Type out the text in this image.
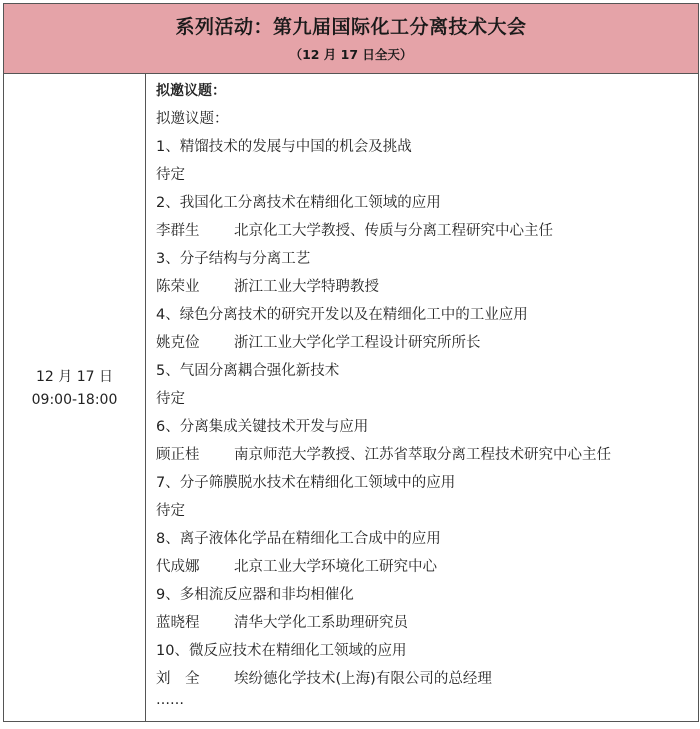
系列活动：第九届国际化工分离技术大会
（12 月 17 日全天）
12 月 17 日
09:00-18:00
拟邀议题：
拟邀议题：
1、精馏技术的发展与中国的机会及挑战
待定
2、我国化工分离技术在精细化工领域的应用
李群生 北京化工大学教授、传质与分离工程研究中心主任
3、分子结构与分离工艺
陈荣业 浙江工业大学特聘教授
4、绿色分离技术的研究开发以及在精细化工中的工业应用
姚克俭 浙江工业大学化学工程设计研究所所长
5、气固分离耦合强化新技术
待定
6、分离集成关键技术开发与应用
顾正桂 南京师范大学教授、江苏省萃取分离工程技术研究中心主任
7、分子筛膜脱水技术在精细化工领域中的应用
待定
8、离子液体化学品在精细化工合成中的应用
代成娜 北京工业大学环境化工研究中心
9、多相流反应器和非均相催化
蓝晓程 清华大学化工系助理研究员
10、微反应技术在精细化工领域的应用
刘　全 埃纷德化学技术(上海)有限公司的总经理
……
